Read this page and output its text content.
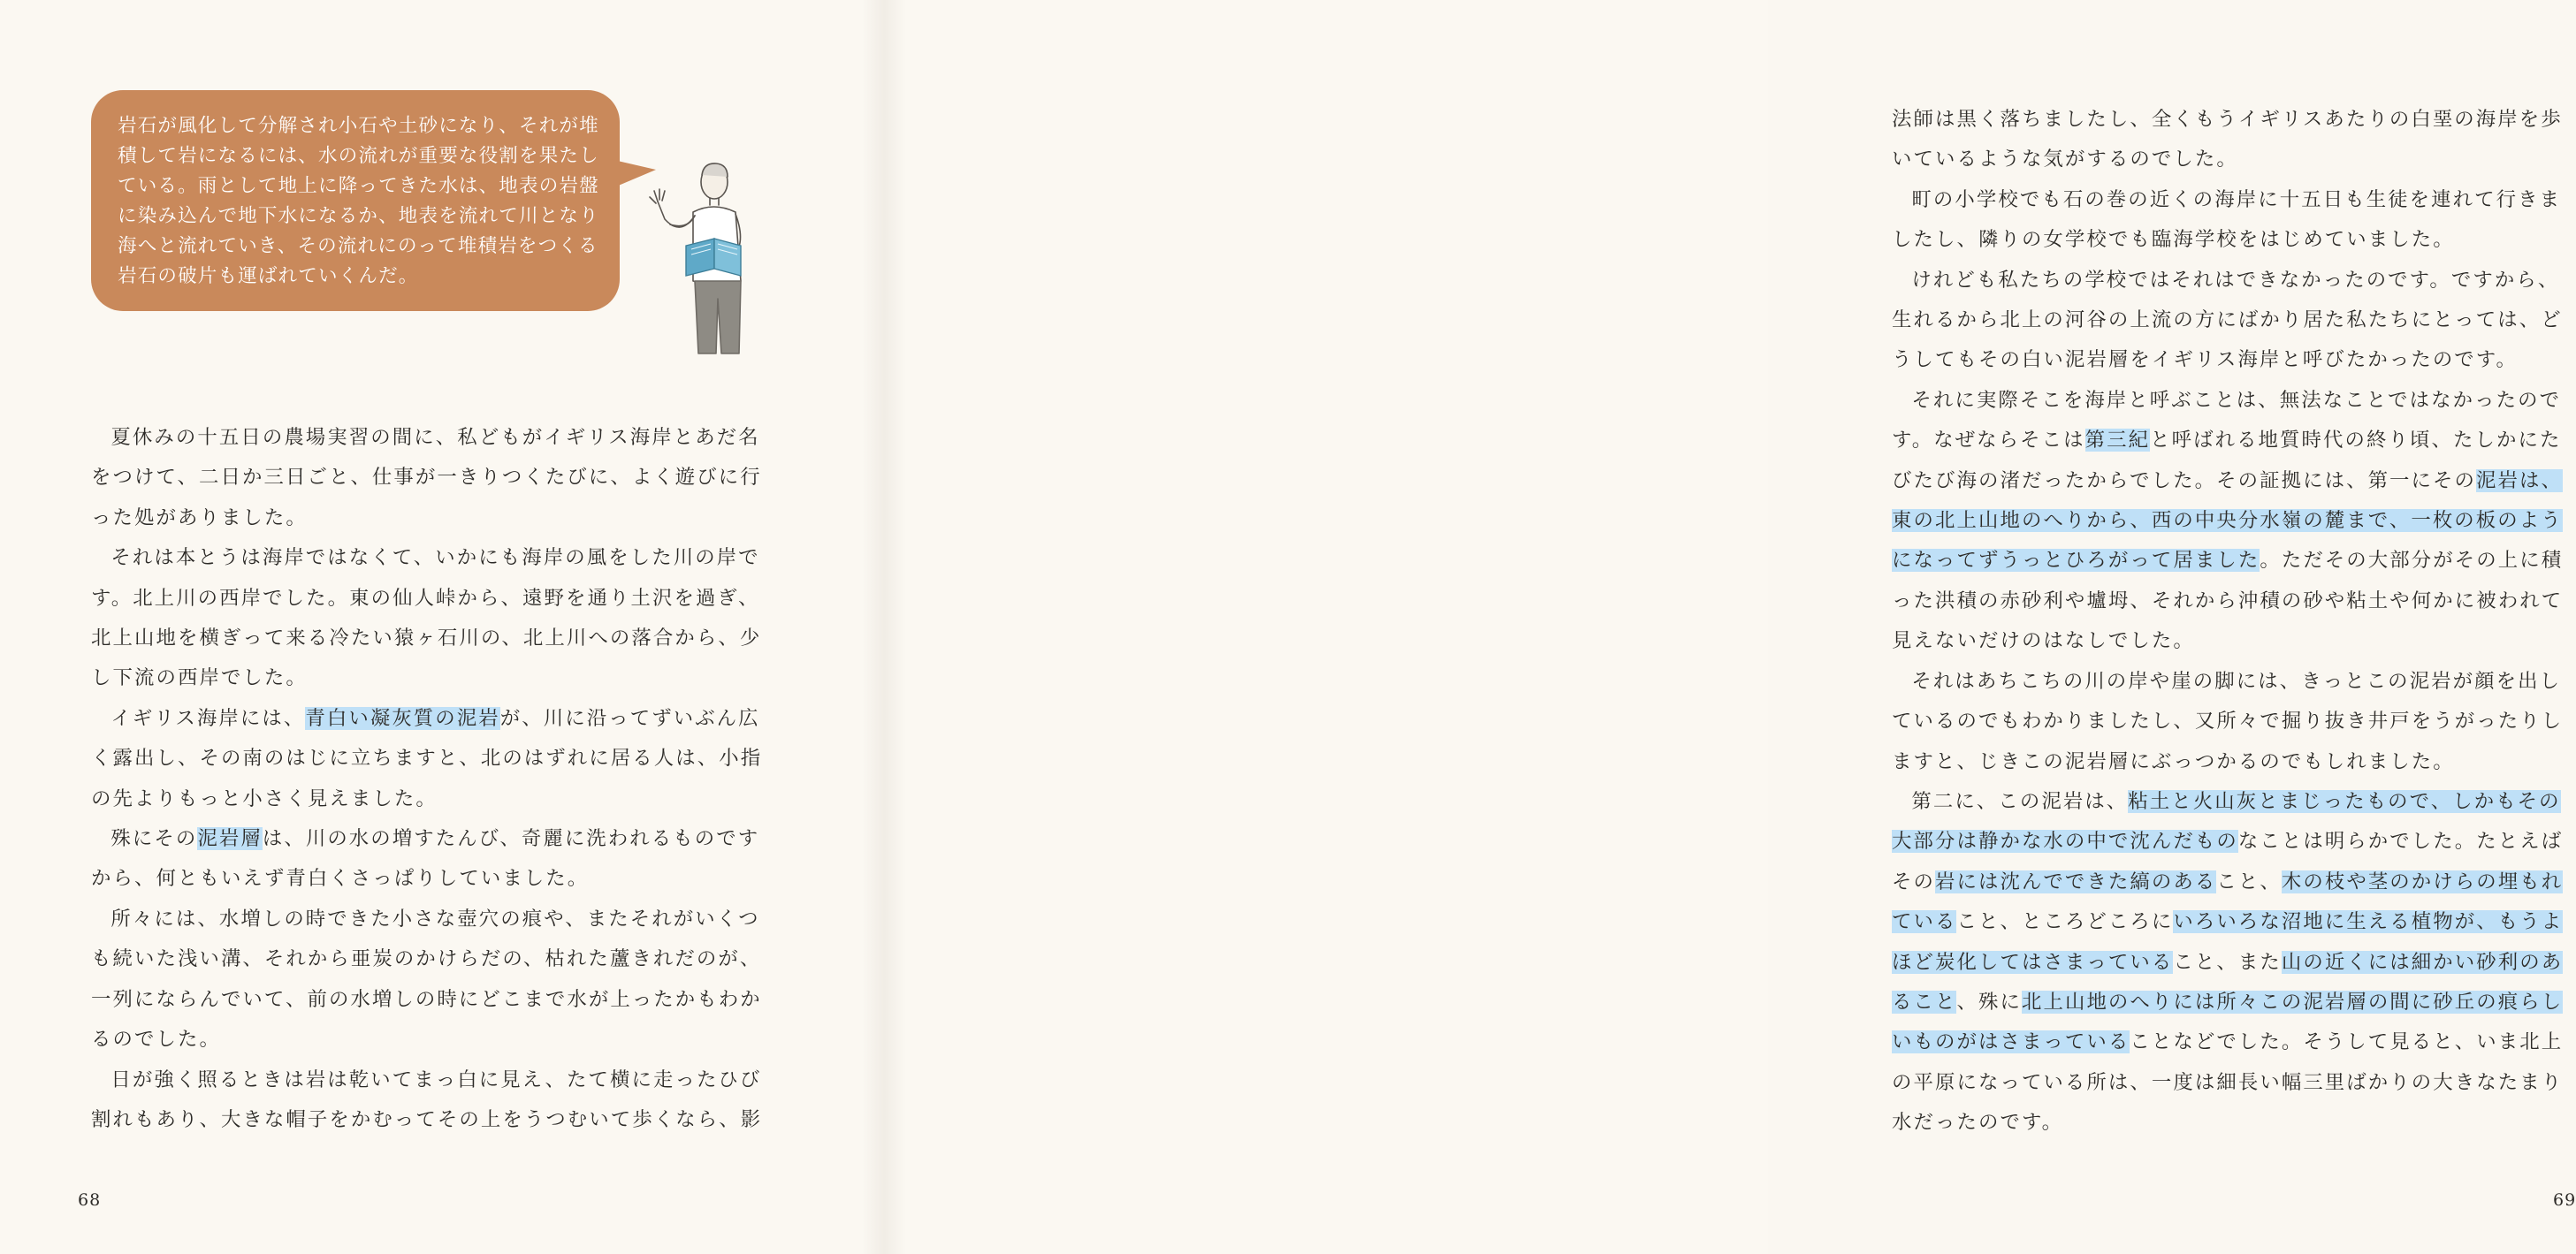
岩石が風化して分解され小石や土砂になり、それが堆

積して岩になるには、水の流れが重要な役割を果たし

ている。雨として地上に降ってきた水は、地表の岩盤

に染み込んで地下水になるか、地表を流れて川となり

海へと流れていき、その流れにのって堆積岩をつくる

岩石の破片も運ばれていくんだ。

夏休みの十五日の農場実習の間に、私どもがイギリス海岸とあだ名をつけて、二日か三日ごと、仕事が一きりつくたびに、よく遊びに行った処がありました。

それは本とうは海岸ではなくて、いかにも海岸の風をした川の岸です。北上川の西岸でした。東の仙人峠から、遠野を通り土沢を過ぎ、北上山地を横ぎって来る冷たい猿ヶ石川の、北上川への落合から、少し下流の西岸でした。

イギリス海岸には、青白い凝灰質の泥岩が、川に沿ってずいぶん広く露出し、その南のはじに立ちますと、北のはずれに居る人は、小指の先よりもっと小さく見えました。

殊にその泥岩層は、川の水の増すたんび、奇麗に洗われるものですから、何ともいえず青白くさっぱりしていました。

所々には、水増しの時できた小さな壺穴の痕や、またそれがいくつも続いた浅い溝、それから亜炭のかけらだの、枯れた蘆きれだのが、一列にならんでいて、前の水増しの時にどこまで水が上ったかもわかるのでした。

日が強く照るときは岩は乾いてまっ白に見え、たて横に走ったひび割れもあり、大きな帽子をかむってその上をうつむいて歩くなら、影

68

法師は黒く落ちましたし、全くもうイギリスあたりの白堊の海岸を歩いているような気がするのでした。

町の小学校でも石の巻の近くの海岸に十五日も生徒を連れて行きましたし、隣りの女学校でも臨海学校をはじめていました。

けれども私たちの学校ではそれはできなかったのです。ですから、生れるから北上の河谷の上流の方にばかり居た私たちにとっては、どうしてもその白い泥岩層をイギリス海岸と呼びたかったのです。

それに実際そこを海岸と呼ぶことは、無法なことではなかったのです。なぜならそこは第三紀と呼ばれる地質時代の終り頃、たしかにたびたび海の渚だったからでした。その証拠には、第一にその泥岩は、東の北上山地のへりから、西の中央分水嶺の麓まで、一枚の板のようになってずうっとひろがって居ました。ただその大部分がその上に積った洪積の赤砂利や壚坶、それから沖積の砂や粘土や何かに被われて見えないだけのはなしでした。

それはあちこちの川の岸や崖の脚には、きっとこの泥岩が顔を出しているのでもわかりましたし、又所々で掘り抜き井戸をうがったりしますと、じきこの泥岩層にぶっつかるのでもしれました。

第二に、この泥岩は、粘土と火山灰とまじったもので、しかもその大部分は静かな水の中で沈んだものなことは明らかでした。たとえばその岩には沈んでできた縞のあること、木の枝や茎のかけらの埋もれていること、ところどころにいろいろな沼地に生える植物が、もうよほど炭化してはさまっていること、また山の近くには細かい砂利のあること、殊に北上山地のへりには所々この泥岩層の間に砂丘の痕らしいものがはさまっていることなどでした。そうして見ると、いま北上の平原になっている所は、一度は細長い幅三里ばかりの大きなたまり水だったのです。

69
